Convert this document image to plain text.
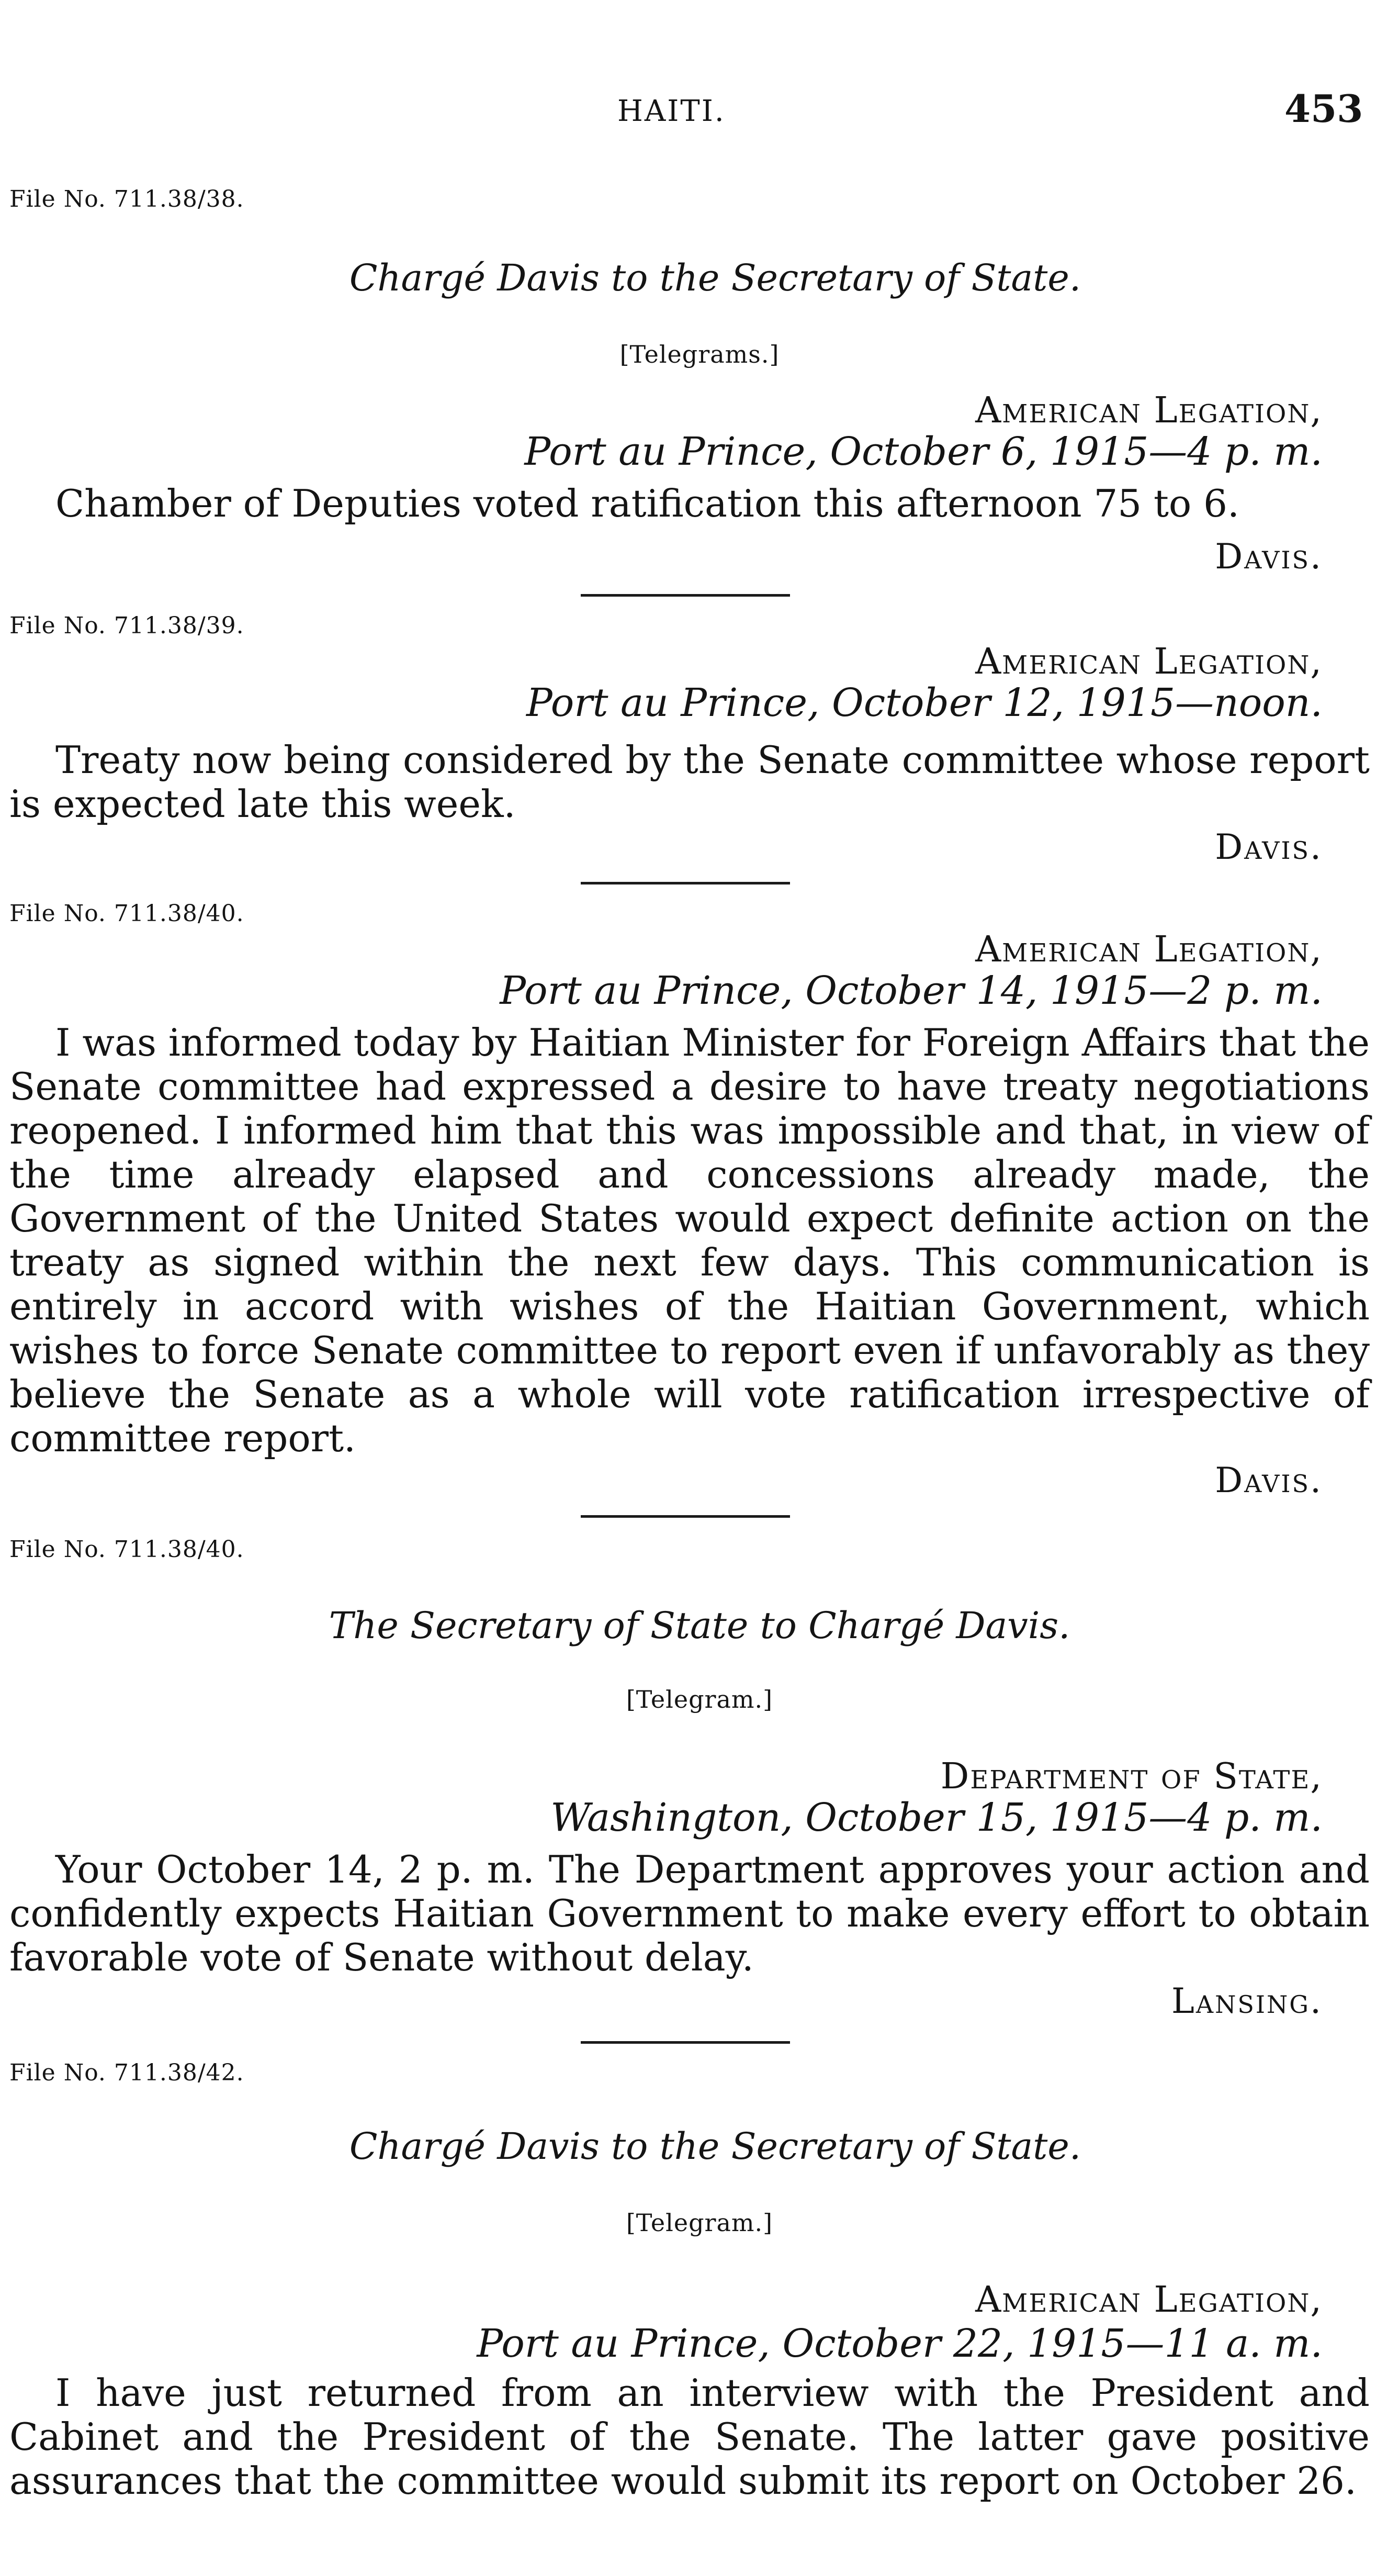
HAITI.	453
File No. 711.38/38.
Chargé Davis to the Secretary of State.
[Telegrams.]
American Legation,
Port au Prince, October 6, 1915—4 p. m.
Chamber of Deputies voted ratification this afternoon 75 to 6.
Davis.
File No. 711.38/39.
American Legation,
Port au Prince, October 12, 1915—noon.
Treaty now being considered by the Senate committee whose report is expected late this week.
Davis.
File No. 711.38/40.
American Legation,
Port au Prince, October 14, 1915—2 p. m.
I was informed today by Haitian Minister for Foreign Affairs that the Senate committee had expressed a desire to have treaty negotiations reopened. I informed him that this was impossible and that, in view of the time already elapsed and concessions already made, the Government of the United States would expect definite action on the treaty as signed within the next few days. This communication is entirely in accord with wishes of the Haitian Government, which wishes to force Senate committee to report even if unfavorably as they believe the Senate as a whole will vote ratification irrespective of committee report.
Davis.
File No. 711.38/40.
The Secretary of State to Chargé Davis.
[Telegram.]
Department of State,
Washington, October 15, 1915—4 p. m.
Your October 14, 2 p. m. The Department approves your action and confidently expects Haitian Government to make every effort to obtain favorable vote of Senate without delay.
Lansing.
File No. 711.38/42.
Chargé Davis to the Secretary of State.
[Telegram.]
American Legation,
Port au Prince, October 22, 1915—11 a. m.
I have just returned from an interview with the President and Cabinet and the President of the Senate. The latter gave positive assurances that the committee would submit its report on October 26.
